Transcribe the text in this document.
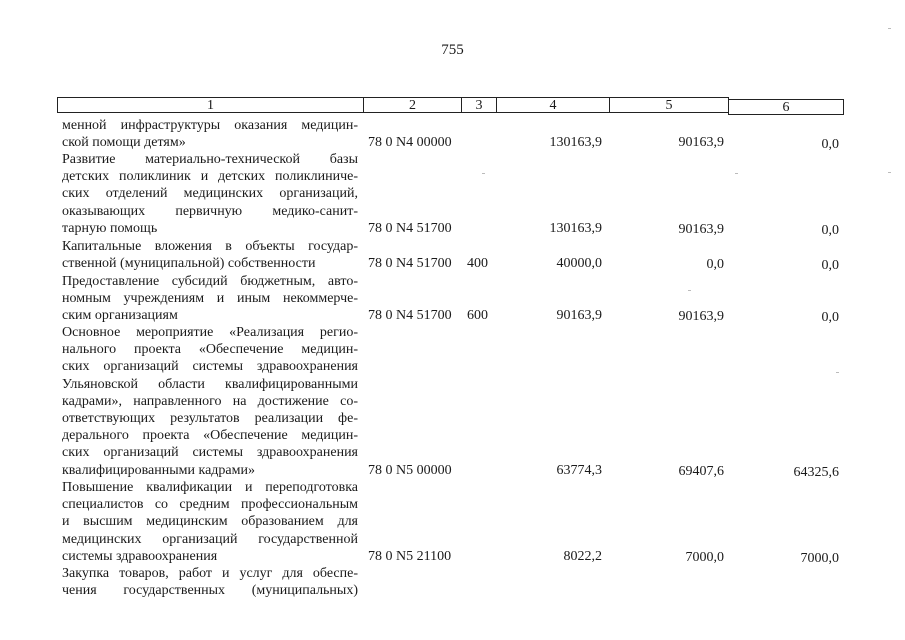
755
1	2	3	4	5	6
менной инфраструктуры оказания медицин-
ской помощи детям»	78 0 N4 00000	130163,9	90163,9	0,0
Развитие материально-технической базы
детских поликлиник и детских поликлиниче-
ских отделений медицинских организаций,
оказывающих первичную медико-санит-
тарную помощь	78 0 N4 51700	130163,9	90163,9	0,0
Капитальные вложения в объекты государ-
ственной (муниципальной) собственности	78 0 N4 51700 400	40000,0	0,0	0,0
Предоставление субсидий бюджетным, авто-
номным учреждениям и иным некоммерче-
ским организациям	78 0 N4 51700 600	90163,9	90163,9	0,0
Основное мероприятие «Реализация регио-
нального проекта «Обеспечение медицин-
ских организаций системы здравоохранения
Ульяновской области квалифицированными
кадрами», направленного на достижение со-
ответствующих результатов реализации фе-
дерального проекта «Обеспечение медицин-
ских организаций системы здравоохранения
квалифицированными кадрами»	78 0 N5 00000	63774,3	69407,6	64325,6
Повышение квалификации и переподготовка
специалистов со средним профессиональным
и высшим медицинским образованием для
медицинских организаций государственной
системы здравоохранения	78 0 N5 21100	8022,2	7000,0	7000,0
Закупка товаров, работ и услуг для обеспе-
чения государственных (муниципальных)
